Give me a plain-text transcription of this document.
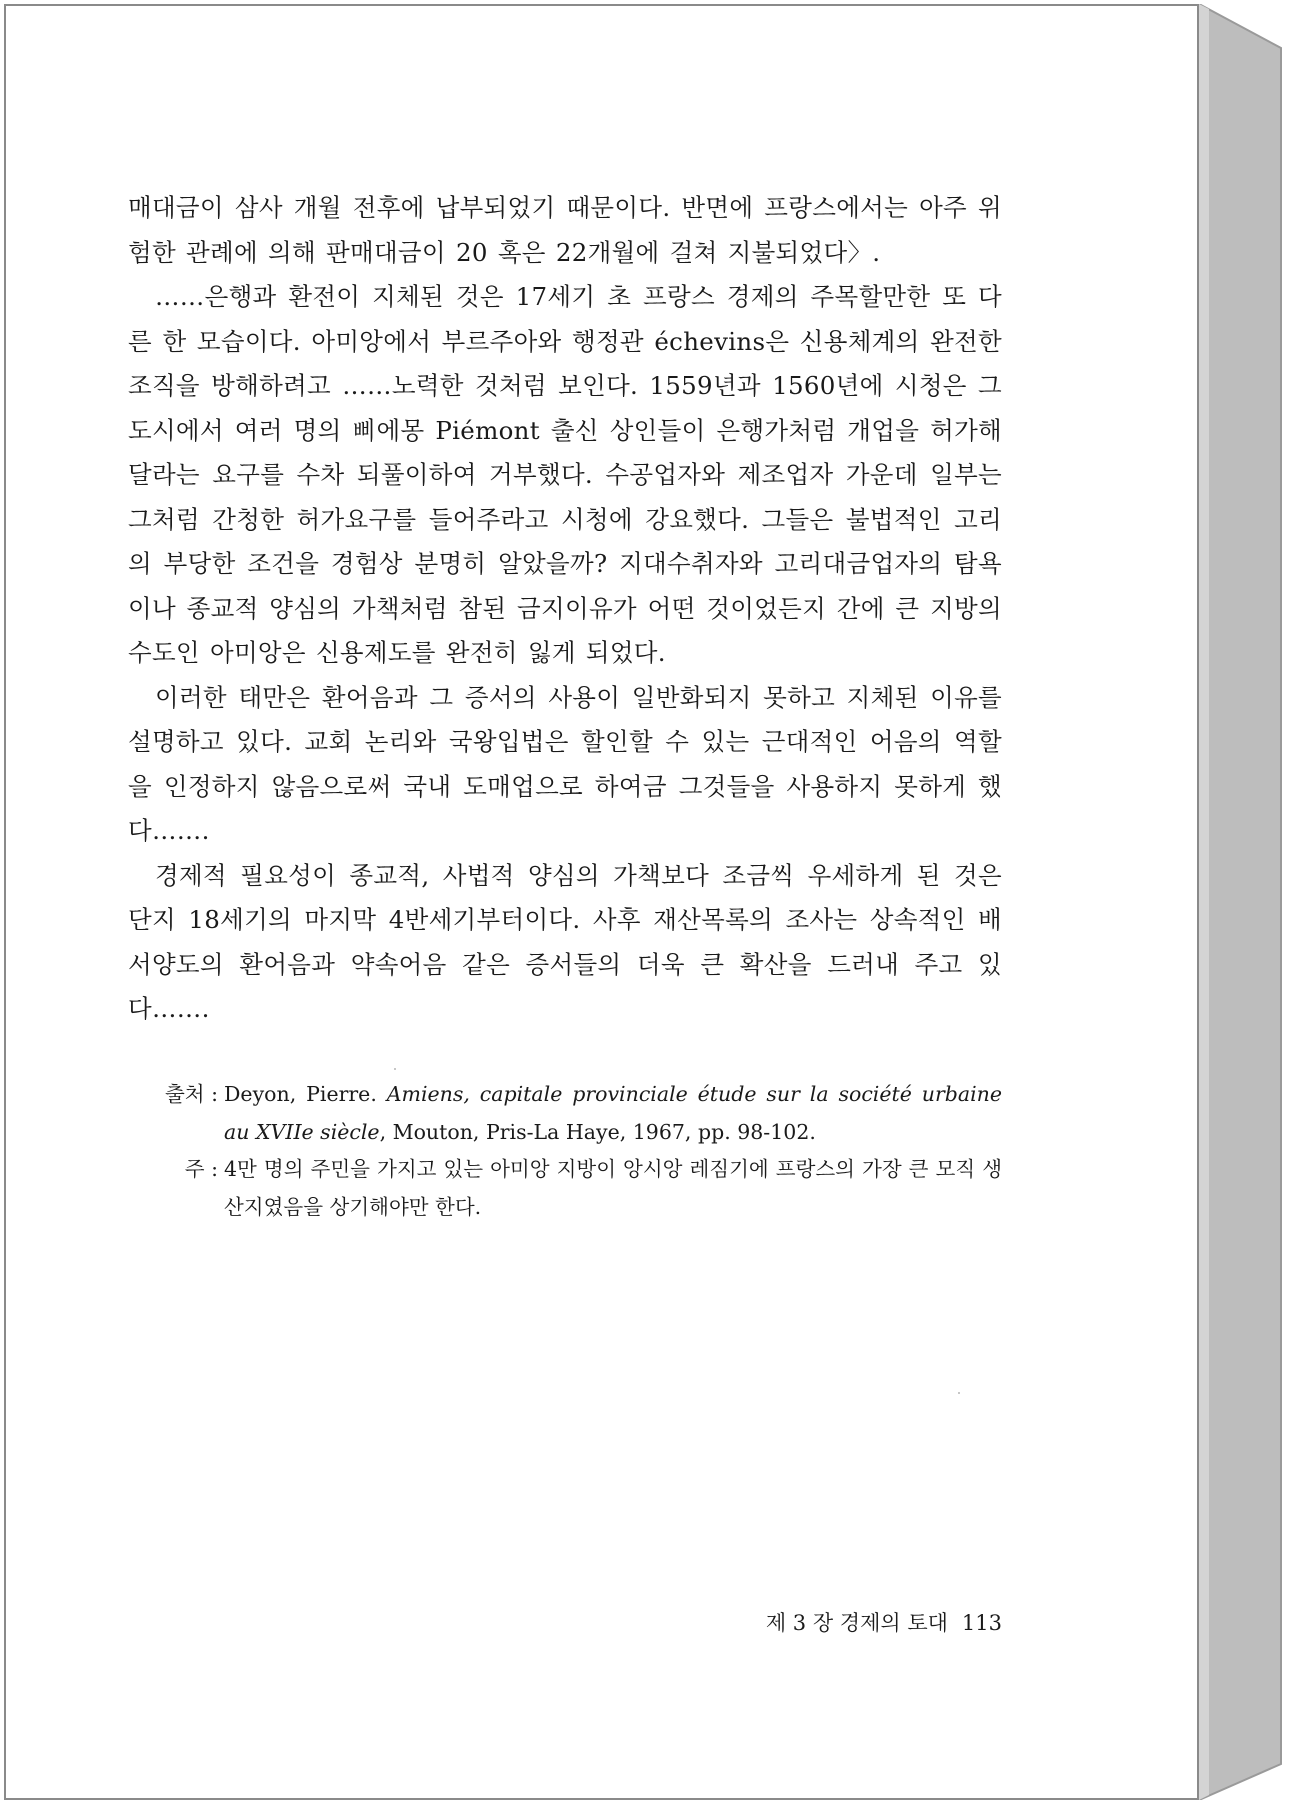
매대금이 삼사 개월 전후에 납부되었기 때문이다. 반면에 프랑스에서는 아주 위험한 관례에 의해 판매대금이 20 혹은 22개월에 걸쳐 지불되었다〉.

……은행과 환전이 지체된 것은 17세기 초 프랑스 경제의 주목할만한 또 다른 한 모습이다. 아미앙에서 부르주아와 행정관 échevins은 신용체계의 완전한 조직을 방해하려고 ……노력한 것처럼 보인다. 1559년과 1560년에 시청은 그 도시에서 여러 명의 삐에몽 Piémont 출신 상인들이 은행가처럼 개업을 허가해 달라는 요구를 수차 되풀이하여 거부했다. 수공업자와 제조업자 가운데 일부는 그처럼 간청한 허가요구를 들어주라고 시청에 강요했다. 그들은 불법적인 고리의 부당한 조건을 경험상 분명히 알았을까? 지대수취자와 고리대금업자의 탐욕이나 종교적 양심의 가책처럼 참된 금지이유가 어떤 것이었든지 간에 큰 지방의 수도인 아미앙은 신용제도를 완전히 잃게 되었다.

이러한 태만은 환어음과 그 증서의 사용이 일반화되지 못하고 지체된 이유를 설명하고 있다. 교회 논리와 국왕입법은 할인할 수 있는 근대적인 어음의 역할을 인정하지 않음으로써 국내 도매업으로 하여금 그것들을 사용하지 못하게 했다…….

경제적 필요성이 종교적, 사법적 양심의 가책보다 조금씩 우세하게 된 것은 단지 18세기의 마지막 4반세기부터이다. 사후 재산목록의 조사는 상속적인 배서양도의 환어음과 약속어음 같은 증서들의 더욱 큰 확산을 드러내 주고 있다…….

출처 : Deyon, Pierre. Amiens, capitale provinciale étude sur la société urbaine au XVIIe siècle, Mouton, Pris-La Haye, 1967, pp. 98-102.
주 : 4만 명의 주민을 가지고 있는 아미앙 지방이 앙시앙 레짐기에 프랑스의 가장 큰 모직 생산지였음을 상기해야만 한다.
제 3 장 경제의 토대 113
